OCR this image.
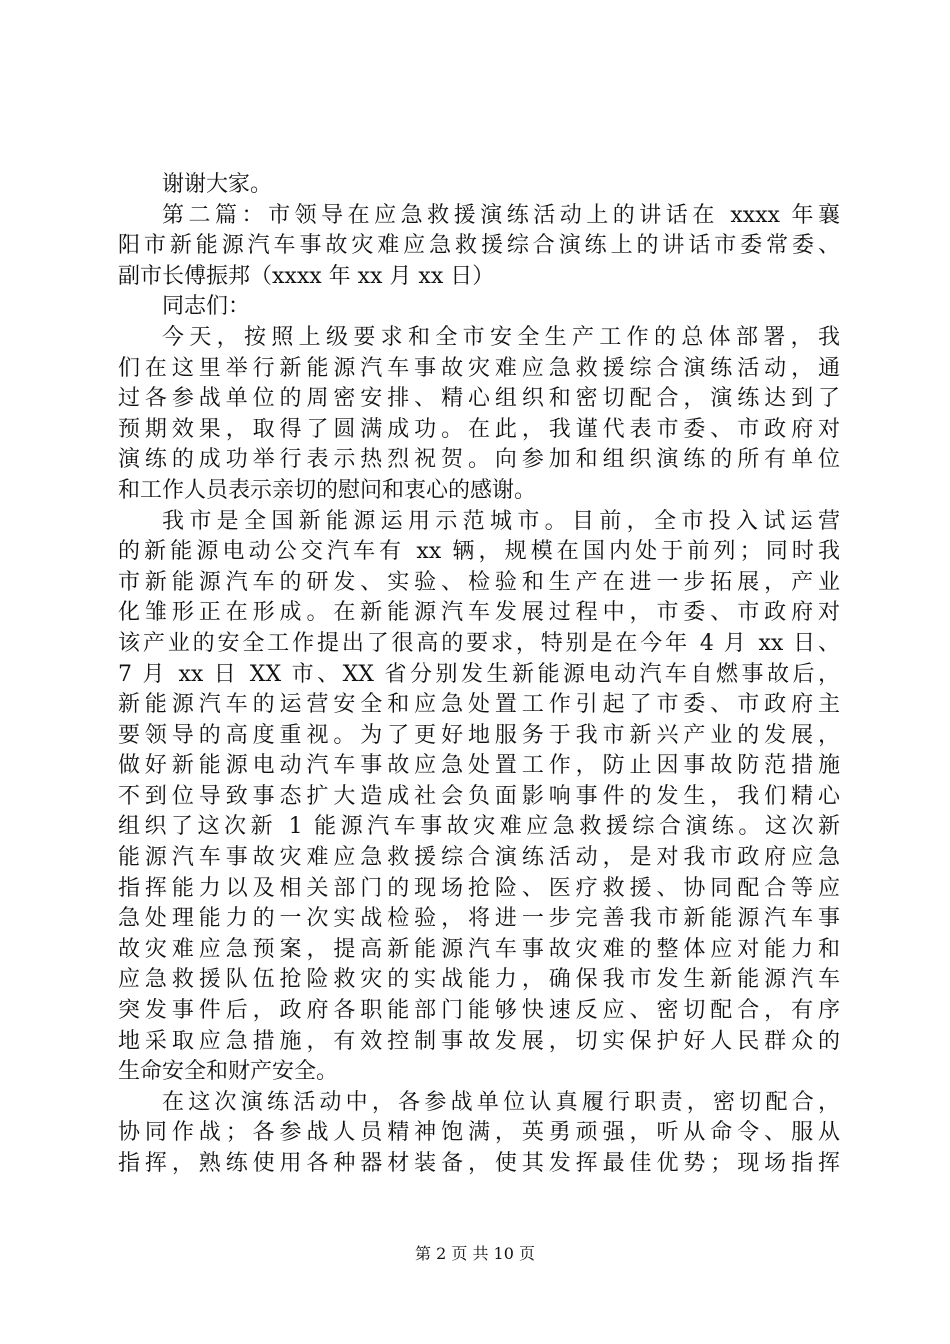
谢谢大家。
第二篇：市领导在应急救援演练活动上的讲话在 xxxx 年襄
阳市新能源汽车事故灾难应急救援综合演练上的讲话市委常委、
副市长傅振邦（xxxx 年 xx 月 xx 日）
同志们：
今天，按照上级要求和全市安全生产工作的总体部署，我
们在这里举行新能源汽车事故灾难应急救援综合演练活动，通
过各参战单位的周密安排、精心组织和密切配合，演练达到了
预期效果，取得了圆满成功。在此，我谨代表市委、市政府对
演练的成功举行表示热烈祝贺。向参加和组织演练的所有单位
和工作人员表示亲切的慰问和衷心的感谢。
我市是全国新能源运用示范城市。目前，全市投入试运营
的新能源电动公交汽车有 xx 辆，规模在国内处于前列；同时我
市新能源汽车的研发、实验、检验和生产在进一步拓展，产业
化雏形正在形成。在新能源汽车发展过程中，市委、市政府对
该产业的安全工作提出了很高的要求，特别是在今年 4 月 xx 日、
7 月 xx 日 XX 市、XX 省分别发生新能源电动汽车自燃事故后，
新能源汽车的运营安全和应急处置工作引起了市委、市政府主
要领导的高度重视。为了更好地服务于我市新兴产业的发展，
做好新能源电动汽车事故应急处置工作，防止因事故防范措施
不到位导致事态扩大造成社会负面影响事件的发生，我们精心
组织了这次新 1 能源汽车事故灾难应急救援综合演练。这次新
能源汽车事故灾难应急救援综合演练活动，是对我市政府应急
指挥能力以及相关部门的现场抢险、医疗救援、协同配合等应
急处理能力的一次实战检验，将进一步完善我市新能源汽车事
故灾难应急预案，提高新能源汽车事故灾难的整体应对能力和
应急救援队伍抢险救灾的实战能力，确保我市发生新能源汽车
突发事件后，政府各职能部门能够快速反应、密切配合，有序
地采取应急措施，有效控制事故发展，切实保护好人民群众的
生命安全和财产安全。
在这次演练活动中，各参战单位认真履行职责，密切配合，
协同作战；各参战人员精神饱满，英勇顽强，听从命令、服从
指挥，熟练使用各种器材装备，使其发挥最佳优势；现场指挥
第 2 页 共 10 页
